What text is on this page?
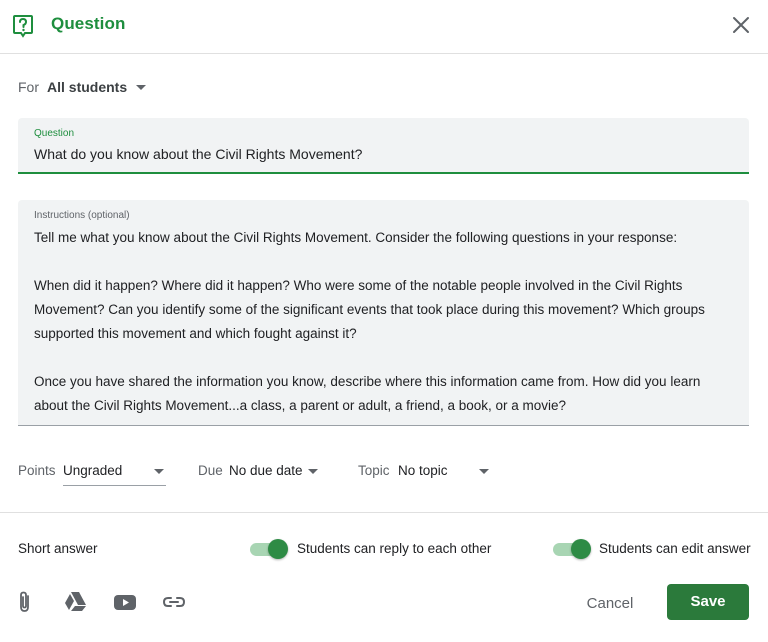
Question
For All students
Question
What do you know about the Civil Rights Movement?
Instructions (optional)

Tell me what you know about the Civil Rights Movement. Consider the following questions in your response:

When did it happen? Where did it happen? Who were some of the notable people involved in the Civil Rights Movement? Can you identify some of the significant events that took place during this movement? Which groups supported this movement and which fought against it?

Once you have shared the information you know, describe where this information came from. How did you learn about the Civil Rights Movement...a class, a parent or adult, a friend, a book, or a movie?

Points Ungraded	Due No due date	Topic No topic
Short answer	Students can reply to each other	Students can edit answer
Cancel	Save
